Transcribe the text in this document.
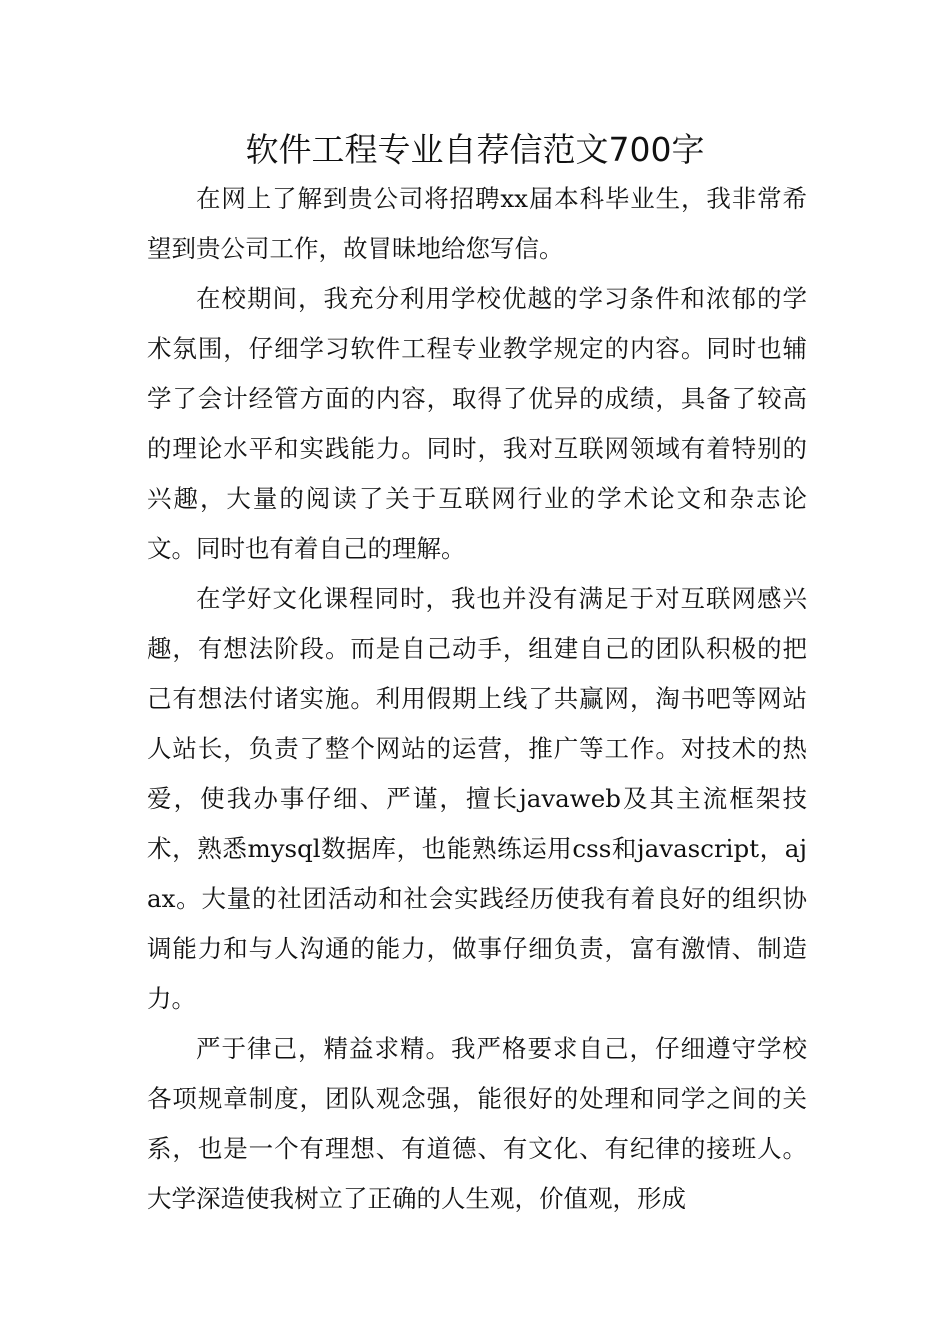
软件工程专业自荐信范文700字

在网上了解到贵公司将招聘xx届本科毕业生，我非常希望到贵公司工作，故冒昧地给您写信。

在校期间，我充分利用学校优越的学习条件和浓郁的学术氛围，仔细学习软件工程专业教学规定的内容。同时也辅学了会计经管方面的内容，取得了优异的成绩，具备了较高的理论水平和实践能力。同时，我对互联网领域有着特别的兴趣，大量的阅读了关于互联网行业的学术论文和杂志论文。同时也有着自己的理解。

在学好文化课程同时，我也并没有满足于对互联网感兴趣，有想法阶段。而是自己动手，组建自己的团队积极的把己有想法付诸实施。利用假期上线了共赢网，淘书吧等网站人站长，负责了整个网站的运营，推广等工作。对技术的热爱，使我办事仔细、严谨，擅长javaweb及其主流框架技术，熟悉mysql数据库，也能熟练运用css和javascript，ajax。大量的社团活动和社会实践经历使我有着良好的组织协调能力和与人沟通的能力，做事仔细负责，富有激情、制造力。

严于律己，精益求精。我严格要求自己，仔细遵守学校各项规章制度，团队观念强，能很好的处理和同学之间的关系，也是一个有理想、有道德、有文化、有纪律的接班人。大学深造使我树立了正确的人生观，价值观，形成
